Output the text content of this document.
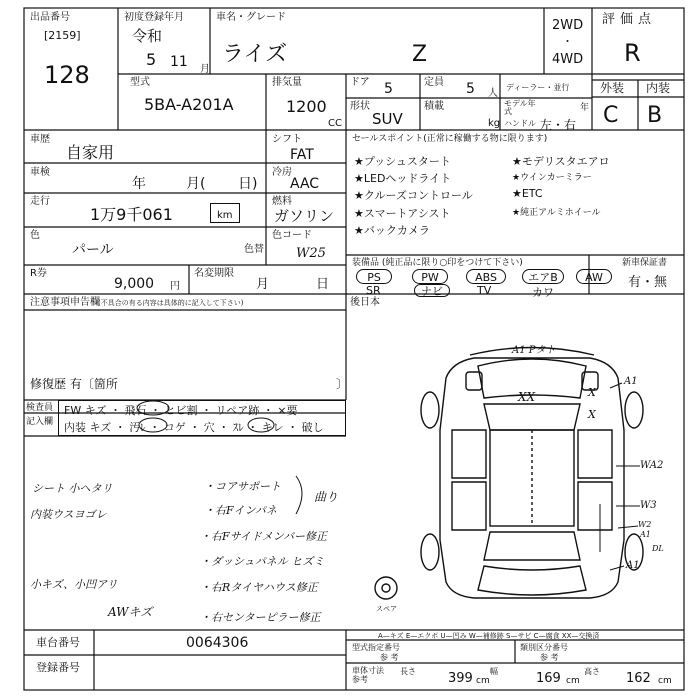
出品番号
[2159]
128
初度登録年月
令和
5 11 月
車名・グレード
ライズ	Z
2WD
・
4WD
評価点
R
外装 内装
C B
型式
5BA-A201A
排気量
1200
CC
ドア 5	定員 5 人
ディーラー・並行
形状
SUV
積載
kg
モデル年式	年
ハンドル 左・右
車歴
自家用
シフト
FAT
車検
年	月( 日)
冷房
AAC
走行
1万9千061	km
燃料
ガソリン
色
パール	色替
色コード
W25
R券
9,000 円
名変期限
月	日
セールスポイント(正常に稼働する物に限ります)
★プッシュスタート	★モデリスタエアロ
★LEDヘッドライト	★ウインカーミラー
★クルーズコントロール	★ETC
★スマートアシスト	★純正アルミホイール
★バックカメラ
装備品 (純正品に限り○印をつけて下さい)
PS	PW	ABS	エアB	AW
SR	ナビ	TV	カワ
新車保証書
有・無
注意事項申告欄
(不具合の有る内容は具体的に記入して下さい)	後日本
修復歴 有〔箇所	〕
検査員
記入欄
FW キズ ・ 飛石 ・ ヒビ割 ・ リペア跡 ・ ×要
内装 キズ ・ 汚ﾚ ・ コゲ ・ 穴 ・ ｽﾚ ・ キレ ・ 破し
シート 小ヘタリ
内装ウスヨゴレ
小キズ、小凹アリ
AWキズ
・コアサポート
・右Fインパネ
・右Fサイドメンバー修正
・ダッシュパネル ヒズミ
・右Rタイヤハウス修正
・右センターピラー修正
曲り
A1 Pタト
XX	X
X
A1
WA2
W3
W2
A1
A1
DL
スペア
A—キズ E—エクボ U—凹み W—補修跡 S—サビ C—腐食 XX—交換済
車台番号	0064306
登録番号
型式指定番号
参 考
類別区分番号
参 考
車体寸法参考
長さ 399 cm
幅	169 cm
高さ 162 cm
